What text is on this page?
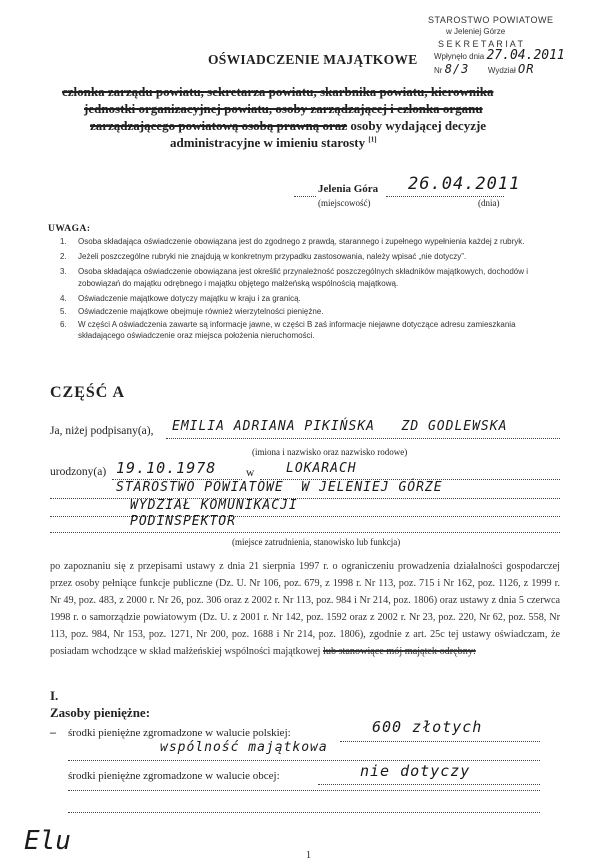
STAROSTWO POWIATOWE
w Jeleniej Górze
S E K R E T A R I A T
Wpłynęło dnia 27.04.2011
Nr 8/3 Wydział OR
OŚWIADCZENIE MAJĄTKOWE
członka zarządu powiatu, sekretarza powiatu, skarbnika powiatu, kierownika
jednostki organizacyjnej powiatu, osoby zarządzającej i członka organu
zarządzającego powiatową osobą prawną oraz osoby wydającej decyzje
administracyjne w imieniu starosty [1]
Jelenia Góra 26.04.2011
(miejscowość)	(dnia)
UWAGA:
1.	Osoba składająca oświadczenie obowiązana jest do zgodnego z prawdą, starannego i zupełnego wypełnienia każdej z rubryk.
2.	Jeżeli poszczególne rubryki nie znajdują w konkretnym przypadku zastosowania, należy wpisać „nie dotyczy”.
3.	Osoba składająca oświadczenie obowiązana jest określić przynależność poszczególnych składników majątkowych, dochodów i zobowiązań do majątku odrębnego i majątku objętego małżeńską wspólnością majątkową.
4.	Oświadczenie majątkowe dotyczy majątku w kraju i za granicą.
5.	Oświadczenie majątkowe obejmuje również wierzytelności pieniężne.
6.	W części A oświadczenia zawarte są informacje jawne, w części B zaś informacje niejawne dotyczące adresu zamieszkania składającego oświadczenie oraz miejsca położenia nieruchomości.
CZĘŚĆ A
Ja, niżej podpisany(a), EMILIA ADRIANA PIKIŃSKA   ZD GODLEWSKA
(imiona i nazwisko oraz nazwisko rodowe)
urodzony(a) 19.10.1978	w LOKARACH
STAROSTWO POWIATOWE  W JELENIEJ GÓRZE
WYDZIAŁ KOMUNIKACJI
PODINSPEKTOR
(miejsce zatrudnienia, stanowisko lub funkcja)
po zapoznaniu się z przepisami ustawy z dnia 21 sierpnia 1997 r. o ograniczeniu prowadzenia działalności gospodarczej przez osoby pełniące funkcje publiczne (Dz. U. Nr 106, poz. 679, z 1998 r. Nr 113, poz. 715 i Nr 162, poz. 1126, z 1999 r. Nr 49, poz. 483, z 2000 r. Nr 26, poz. 306 oraz z 2002 r. Nr 113, poz. 984 i Nr 214, poz. 1806) oraz ustawy z dnia 5 czerwca 1998 r. o samorządzie powiatowym (Dz. U. z 2001 r. Nr 142, poz. 1592 oraz z 2002 r. Nr 23, poz. 220, Nr 62, poz. 558, Nr 113, poz. 984, Nr 153, poz. 1271, Nr 200, poz. 1688 i Nr 214, poz. 1806), zgodnie z art. 25c tej ustawy oświadczam, że posiadam wchodzące w skład małżeńskiej wspólności majątkowej lub stanowiące mój majątek odrębny:
I.
Zasoby pieniężne:
– środki pieniężne zgromadzone w walucie polskiej:	600 złotych
wspólność majątkowa
środki pieniężne zgromadzone w walucie obcej:	nie dotyczy
Elu	1
